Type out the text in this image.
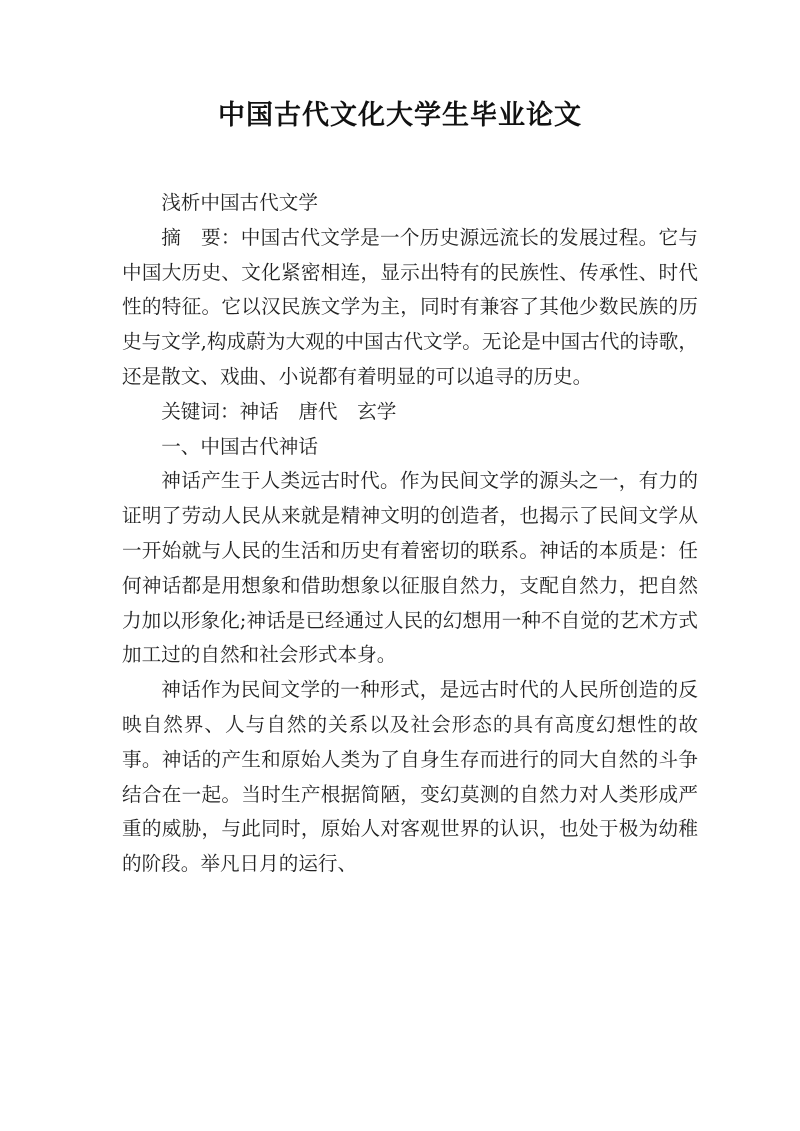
中国古代文化大学生毕业论文

浅析中国古代文学

摘　要：中国古代文学是一个历史源远流长的发展过程。它与中国大历史、文化紧密相连，显示出特有的民族性、传承性、时代性的特征。它以汉民族文学为主，同时有兼容了其他少数民族的历史与文学,构成蔚为大观的中国古代文学。无论是中国古代的诗歌，还是散文、戏曲、小说都有着明显的可以追寻的历史。

关键词：神话　唐代　玄学

一、中国古代神话

神话产生于人类远古时代。作为民间文学的源头之一，有力的证明了劳动人民从来就是精神文明的创造者，也揭示了民间文学从一开始就与人民的生活和历史有着密切的联系。神话的本质是：任何神话都是用想象和借助想象以征服自然力，支配自然力，把自然力加以形象化;神话是已经通过人民的幻想用一种不自觉的艺术方式加工过的自然和社会形式本身。

神话作为民间文学的一种形式，是远古时代的人民所创造的反映自然界、人与自然的关系以及社会形态的具有高度幻想性的故事。神话的产生和原始人类为了自身生存而进行的同大自然的斗争结合在一起。当时生产根据简陋，变幻莫测的自然力对人类形成严重的威胁，与此同时，原始人对客观世界的认识，也处于极为幼稚的阶段。举凡日月的运行、
